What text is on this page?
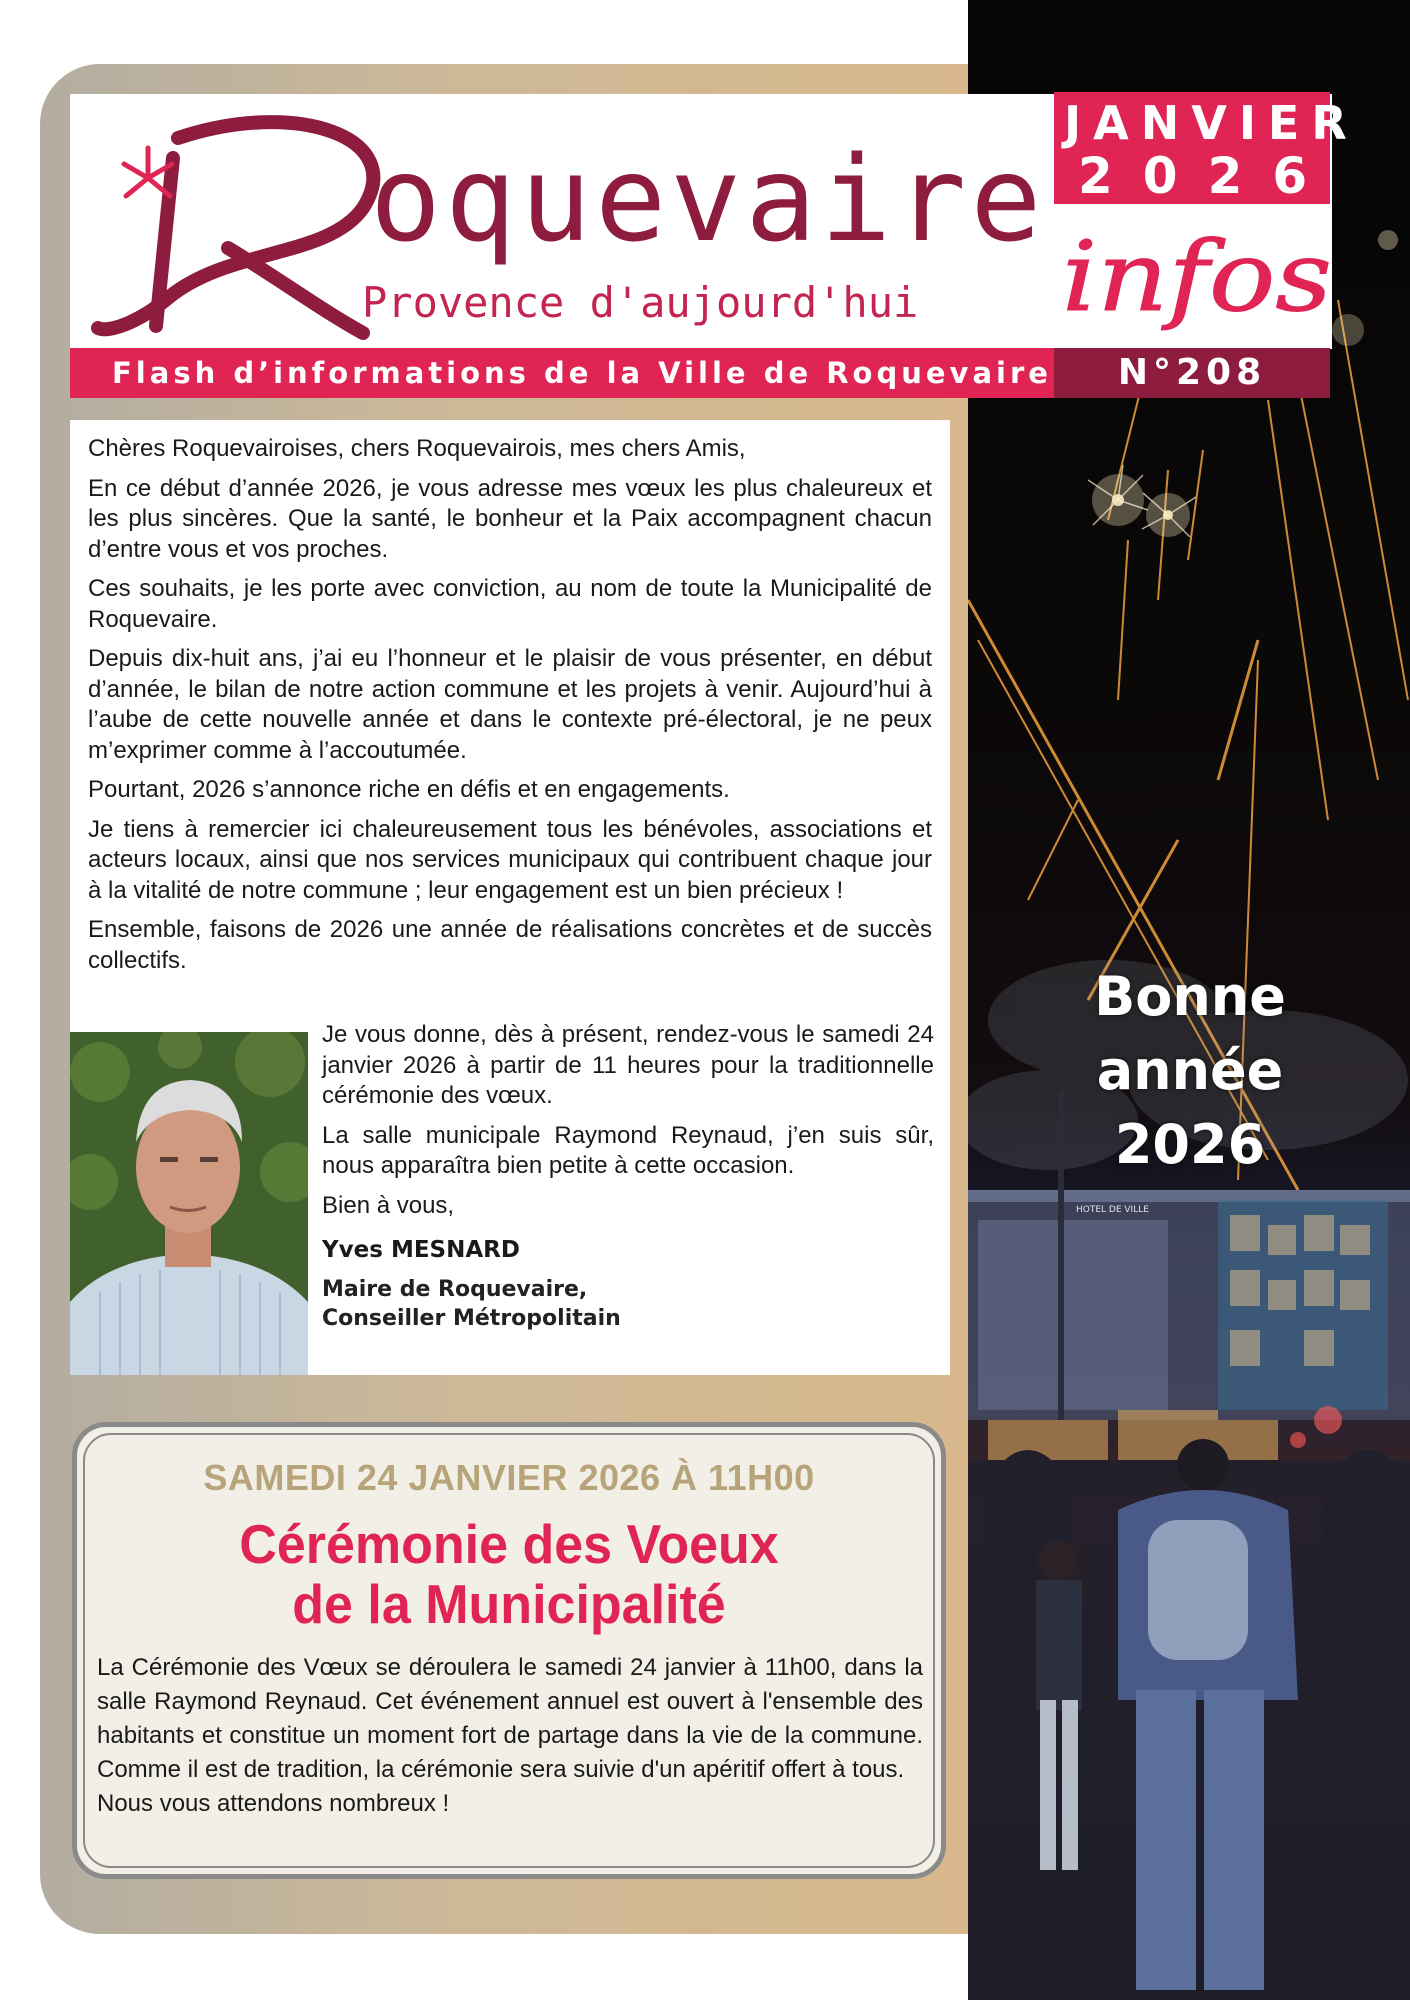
HOTEL DE VILLE
oquevaire
Provence d'aujourd'hui
JANVIER
2026
infos
Flash d’informations de la Ville de Roquevaire	N°208

Chères Roquevairoises, chers Roquevairois, mes chers Amis,

En ce début d’année 2026, je vous adresse mes vœux les plus chaleureux et les plus sincères. Que la santé, le bonheur et la Paix accompagnent chacun d’entre vous et vos proches.

Ces souhaits, je les porte avec conviction, au nom de toute la Municipalité de Roquevaire.

Depuis dix-huit ans, j’ai eu l’honneur et le plaisir de vous présenter, en début d’année, le bilan de notre action commune et les projets à venir. Aujourd’hui à l’aube de cette nouvelle année et dans le contexte pré-électoral, je ne peux m’exprimer comme à l’accoutumée.

Pourtant, 2026 s’annonce riche en défis et en engagements.

Je tiens à remercier ici chaleureusement tous les bénévoles, associations et acteurs locaux, ainsi que nos services municipaux qui contribuent chaque jour à la vitalité de notre commune ; leur engagement est un bien précieux !

Ensemble, faisons de 2026 une année de réalisations concrètes et de succès collectifs.

Je vous donne, dès à présent, rendez-vous le samedi 24 janvier 2026 à partir de 11 heures pour la traditionnelle cérémonie des vœux.

La salle municipale Raymond Reynaud, j’en suis sûr, nous apparaîtra bien petite à cette occasion.

Bien à vous,

Yves MESNARD

Maire de Roquevaire,

Conseiller Métropolitain

SAMEDI 24 JANVIER 2026 À 11H00
Cérémonie des Voeux
de la Municipalité

La Cérémonie des Vœux se déroulera le samedi 24 janvier à 11h00, dans la salle Raymond Reynaud. Cet événement annuel est ouvert à l'ensemble des habitants et constitue un moment fort de partage dans la vie de la commune. Comme il est de tradition, la cérémonie sera suivie d'un apéritif offert à tous.

Nous vous attendons nombreux !

Bonne
année
2026
